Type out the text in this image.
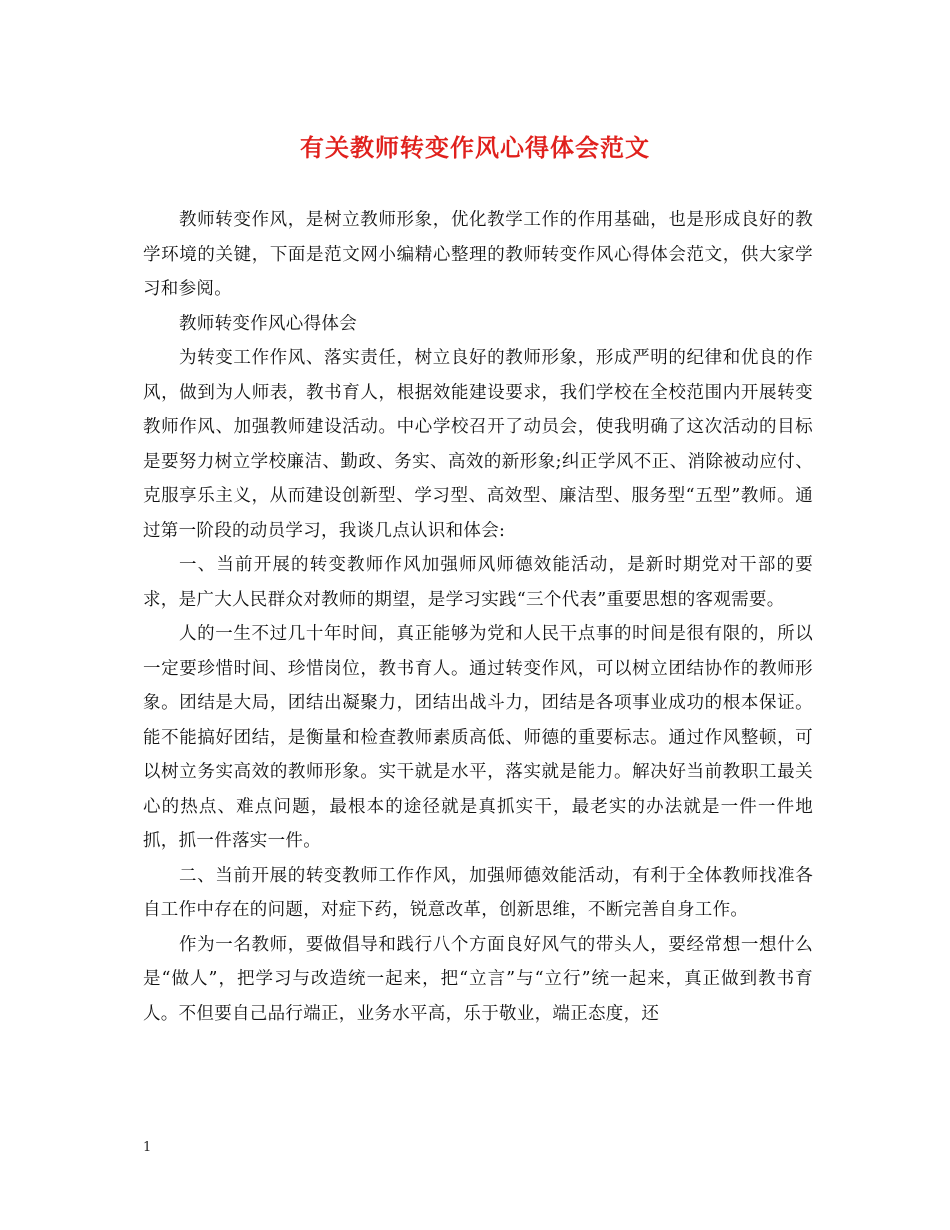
有关教师转变作风心得体会范文

教师转变作风，是树立教师形象，优化教学工作的作用基础，也是形成良好的教学环境的关键，下面是范文网小编精心整理的教师转变作风心得体会范文，供大家学习和参阅。

教师转变作风心得体会

为转变工作作风、落实责任，树立良好的教师形象，形成严明的纪律和优良的作风，做到为人师表，教书育人，根据效能建设要求，我们学校在全校范围内开展转变教师作风、加强教师建设活动。中心学校召开了动员会，使我明确了这次活动的目标是要努力树立学校廉洁、勤政、务实、高效的新形象;纠正学风不正、消除被动应付、克服享乐主义，从而建设创新型、学习型、高效型、廉洁型、服务型“五型”教师。通过第一阶段的动员学习，我谈几点认识和体会:

一、当前开展的转变教师作风加强师风师德效能活动，是新时期党对干部的要求，是广大人民群众对教师的期望，是学习实践“三个代表”重要思想的客观需要。

人的一生不过几十年时间，真正能够为党和人民干点事的时间是很有限的，所以一定要珍惜时间、珍惜岗位，教书育人。通过转变作风，可以树立团结协作的教师形象。团结是大局，团结出凝聚力，团结出战斗力，团结是各项事业成功的根本保证。能不能搞好团结，是衡量和检查教师素质高低、师德的重要标志。通过作风整顿，可以树立务实高效的教师形象。实干就是水平，落实就是能力。解决好当前教职工最关心的热点、难点问题，最根本的途径就是真抓实干，最老实的办法就是一件一件地抓，抓一件落实一件。

二、当前开展的转变教师工作作风，加强师德效能活动，有利于全体教师找准各自工作中存在的问题，对症下药，锐意改革，创新思维，不断完善自身工作。

作为一名教师，要做倡导和践行八个方面良好风气的带头人，要经常想一想什么是“做人”，把学习与改造统一起来，把“立言”与“立行”统一起来，真正做到教书育人。不但要自己品行端正，业务水平高，乐于敬业，端正态度，还

1
